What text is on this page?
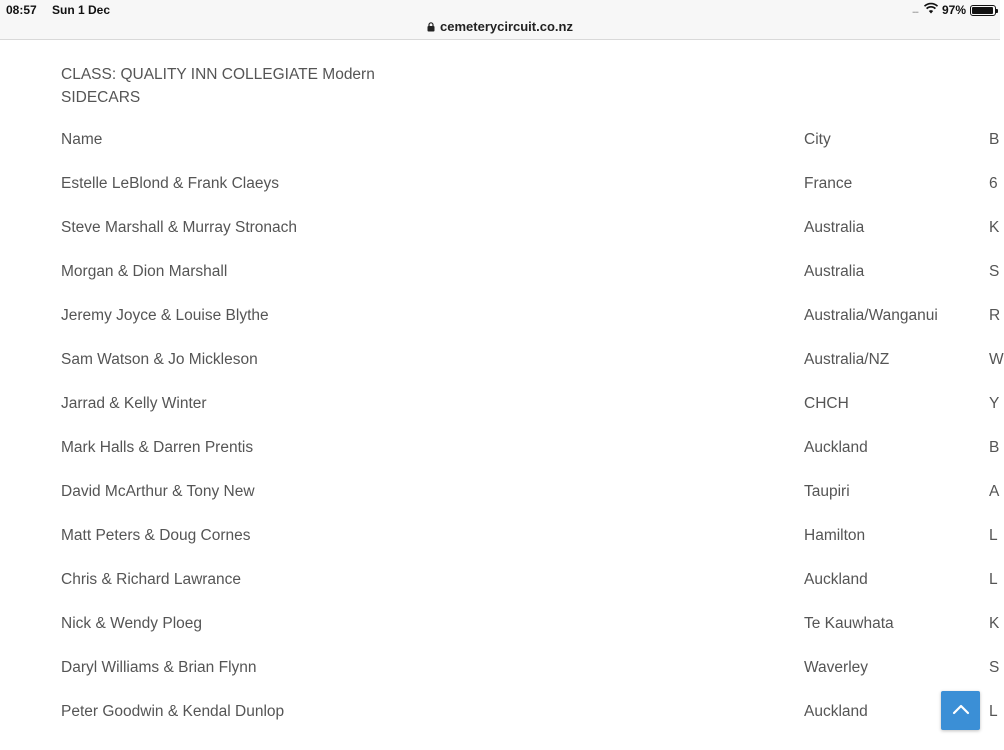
08:57 Sun 1 Dec
cemeterycircuit.co.nz
.... 97%
CLASS: QUALITY INN COLLEGIATE Modern SIDECARS
Name	City	B
Estelle LeBlond & Frank Claeys	France	6
Steve Marshall & Murray Stronach	Australia	K
Morgan & Dion Marshall	Australia	S
Jeremy Joyce & Louise Blythe	Australia/Wanganui	R
Sam Watson & Jo Mickleson	Australia/NZ	W
Jarrad & Kelly Winter	CHCH	Y
Mark Halls & Darren Prentis	Auckland	B
David McArthur & Tony New	Taupiri	A
Matt Peters & Doug Cornes	Hamilton	L
Chris & Richard Lawrance	Auckland	L
Nick & Wendy Ploeg	Te Kauwhata	K
Daryl Williams & Brian Flynn	Waverley	S
Peter Goodwin & Kendal Dunlop	Auckland	L
